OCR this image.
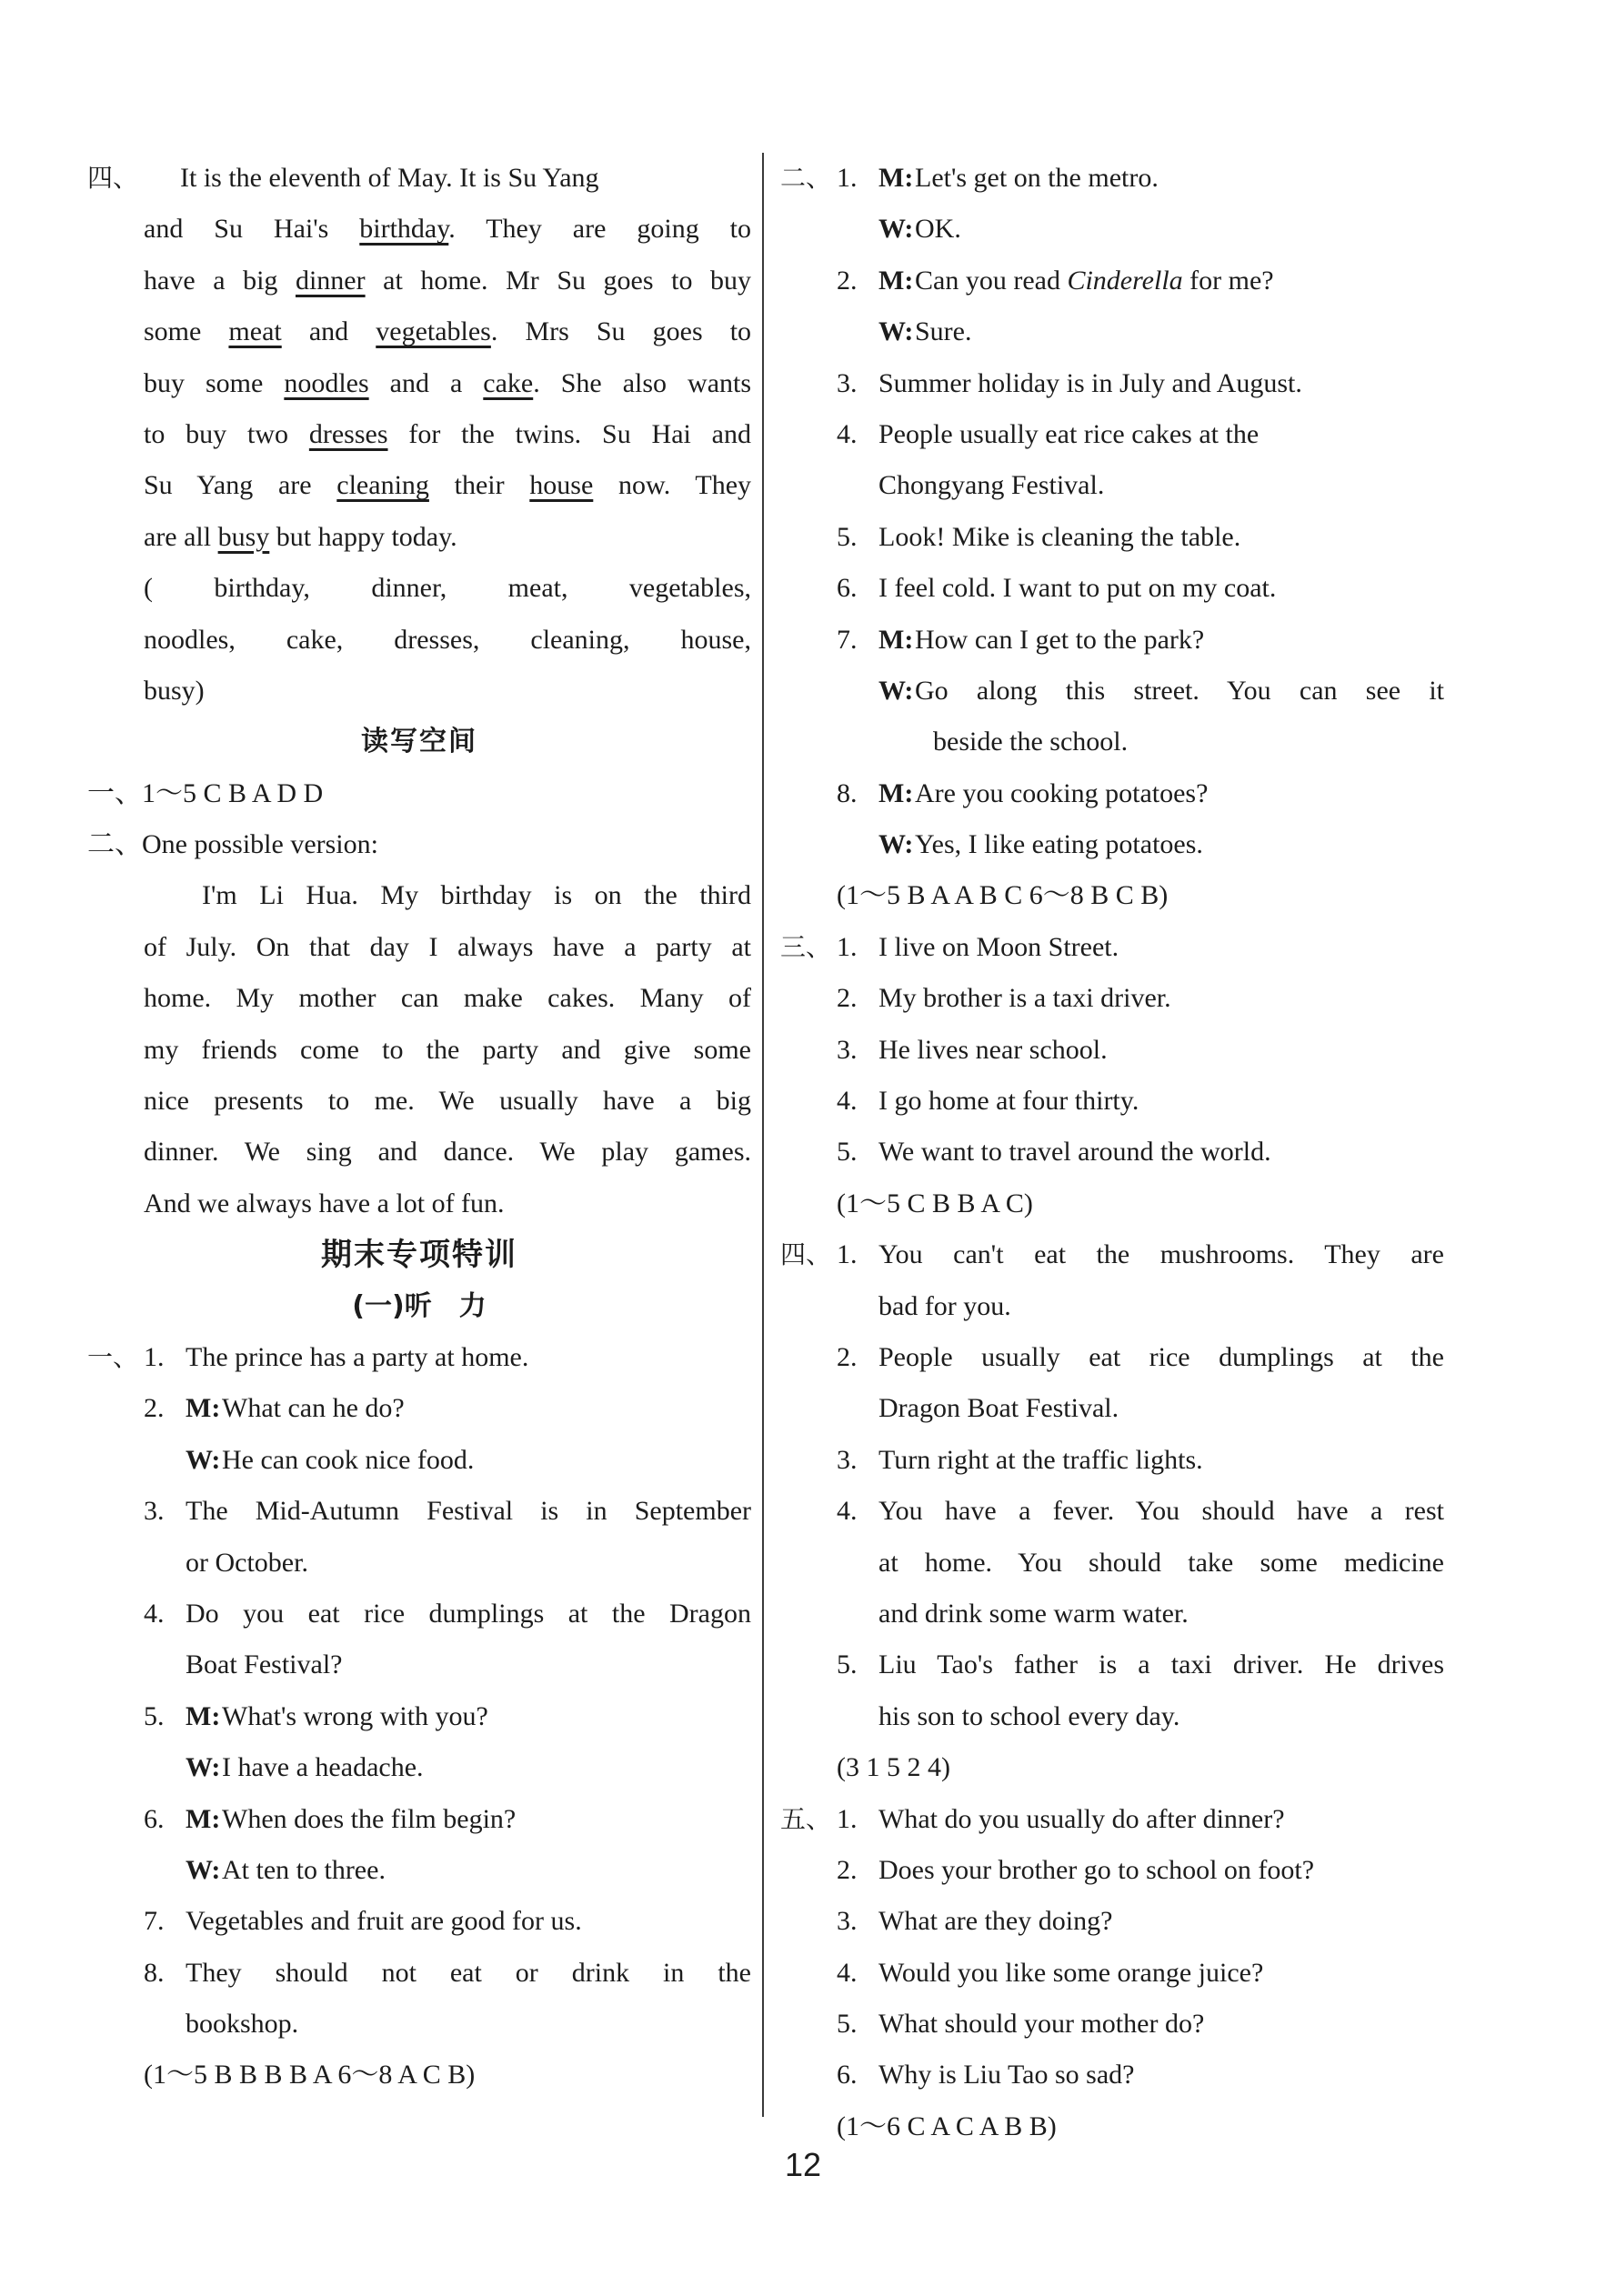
四、 It is the eleventh of May. It is Su Yang
and Su Hai's birthday. They are going to
have a big dinner at home. Mr Su goes to buy
some meat and vegetables. Mrs Su goes to
buy some noodles and a cake. She also wants
to buy two dresses for the twins. Su Hai and
Su Yang are cleaning their house now. They
are all busy but happy today.
( birthday, dinner, meat, vegetables,
noodles, cake, dresses, cleaning, house,
busy)
读写空间
一、1～5 C B A D D
二、One possible version:
I'm Li Hua. My birthday is on the third
of July. On that day I always have a party at
home. My mother can make cakes. Many of
my friends come to the party and give some
nice presents to me. We usually have a big
dinner. We sing and dance. We play games.
And we always have a lot of fun.
期末专项特训
(一)听　力
一、 1. The prince has a party at home.
2. M:What can he do?
W:He can cook nice food.
3. The Mid-Autumn Festival is in September
or October.
4. Do you eat rice dumplings at the Dragon
Boat Festival?
5. M:What's wrong with you?
W:I have a headache.
6. M:When does the film begin?
W:At ten to three.
7. Vegetables and fruit are good for us.
8. They should not eat or drink in the
bookshop.
(1～5 B B B B A 6～8 A C B)
二、 1. M:Let's get on the metro.
W:OK.
2. M:Can you read Cinderella for me?
W:Sure.
3. Summer holiday is in July and August.
4. People usually eat rice cakes at the
Chongyang Festival.
5. Look! Mike is cleaning the table.
6. I feel cold. I want to put on my coat.
7. M:How can I get to the park?
W:Go along this street. You can see it
beside the school.
8. M:Are you cooking potatoes?
W:Yes, I like eating potatoes.
(1～5 B A A B C 6～8 B C B)
三、 1. I live on Moon Street.
2. My brother is a taxi driver.
3. He lives near school.
4. I go home at four thirty.
5. We want to travel around the world.
(1～5 C B B A C)
四、 1. You can't eat the mushrooms. They are
bad for you.
2. People usually eat rice dumplings at the
Dragon Boat Festival.
3. Turn right at the traffic lights.
4. You have a fever. You should have a rest
at home. You should take some medicine
and drink some warm water.
5. Liu Tao's father is a taxi driver. He drives
his son to school every day.
(3 1 5 2 4)
五、 1. What do you usually do after dinner?
2. Does your brother go to school on foot?
3. What are they doing?
4. Would you like some orange juice?
5. What should your mother do?
6. Why is Liu Tao so sad?
(1～6 C A C A B B)
12
